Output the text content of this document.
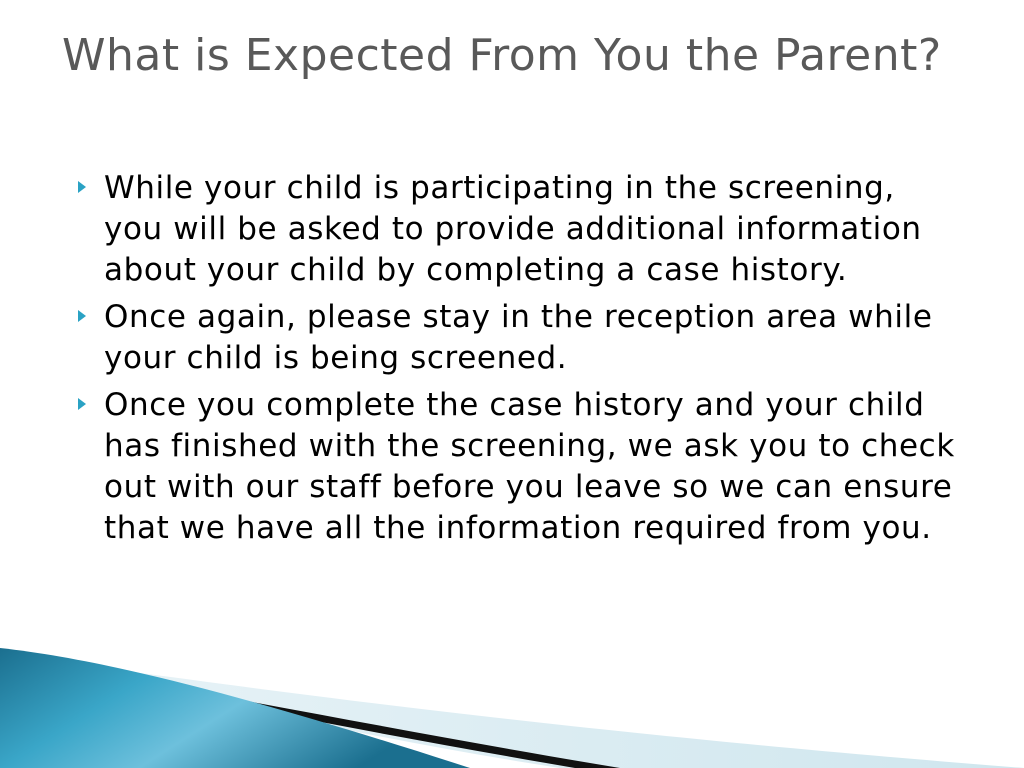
What is Expected From You the Parent?
While your child is participating in the screening, you will be asked to provide additional information about your child by completing a case history.
Once again, please stay in the reception area while your child is being screened.
Once you complete the case history and your child has finished with the screening, we ask you to check out with our staff before you leave so we can ensure that we have all the information required from you.
